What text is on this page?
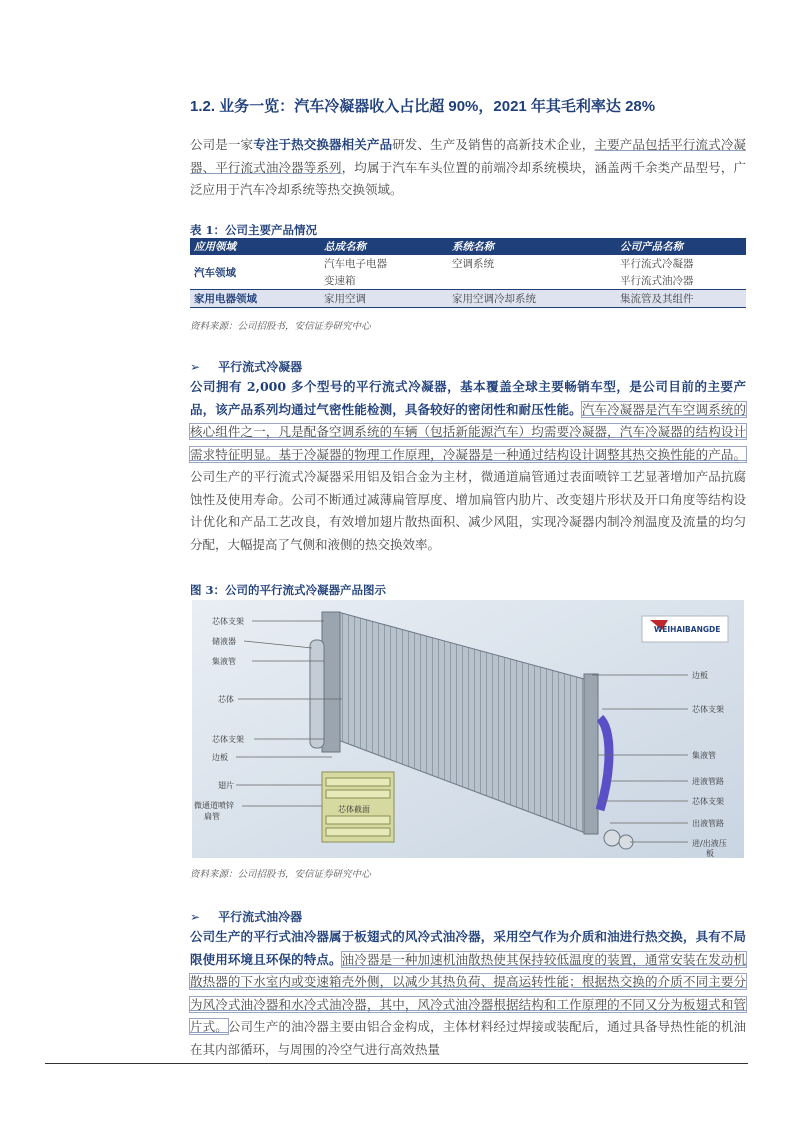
1.2. 业务一览：汽车冷凝器收入占比超 90%，2021 年其毛利率达 28%
公司是一家专注于热交换器相关产品研发、生产及销售的高新技术企业，主要产品包括平行流式冷凝器、平行流式油冷器等系列，均属于汽车车头位置的前端冷却系统模块，涵盖两千余类产品型号，广泛应用于汽车冷却系统等热交换领域。
表 1：公司主要产品情况
应用领域	总成名称	系统名称	公司产品名称
汽车领域	汽车电子电器	空调系统	平行流式冷凝器
	变速箱		平行流式油冷器
家用电器领域	家用空调	家用空调冷却系统	集流管及其组件
资料来源：公司招股书，安信证券研究中心
➢ 平行流式冷凝器
公司拥有 2,000 多个型号的平行流式冷凝器，基本覆盖全球主要畅销车型，是公司目前的主要产品，该产品系列均通过气密性能检测，具备较好的密闭性和耐压性能。汽车冷凝器是汽车空调系统的核心组件之一，凡是配备空调系统的车辆（包括新能源汽车）均需要冷凝器，汽车冷凝器的结构设计需求特征明显。基于冷凝器的物理工作原理，冷凝器是一种通过结构设计调整其热交换性能的产品。公司生产的平行流式冷凝器采用铝及铝合金为主材，微通道扁管通过表面喷锌工艺显著增加产品抗腐蚀性及使用寿命。公司不断通过减薄扁管厚度、增加扁管内肋片、改变翅片形状及开口角度等结构设计优化和产品工艺改良，有效增加翅片散热面积、减少风阻，实现冷凝器内制冷剂温度及流量的均匀分配，大幅提高了气侧和液侧的热交换效率。
图 3：公司的平行流式冷凝器产品图示
WEIHAIBANGDE
芯体截面
芯体支架
储液器
集液管
芯体
芯体支架
边板
翅片
微通道喷锌
扁管
边板
芯体支架
集液管
进液管路
芯体支架
出液管路
进/出液压
板
资料来源：公司招股书，安信证券研究中心
➢ 平行流式油冷器
公司生产的平行式油冷器属于板翅式的风冷式油冷器，采用空气作为介质和油进行热交换，具有不局限使用环境且环保的特点。油冷器是一种加速机油散热使其保持较低温度的装置，通常安装在发动机散热器的下水室内或变速箱壳外侧，以减少其热负荷、提高运转性能；根据热交换的介质不同主要分为风冷式油冷器和水冷式油冷器，其中，风冷式油冷器根据结构和工作原理的不同又分为板翅式和管片式。公司生产的油冷器主要由铝合金构成，主体材料经过焊接或装配后，通过具备导热性能的机油在其内部循环，与周围的冷空气进行高效热量
